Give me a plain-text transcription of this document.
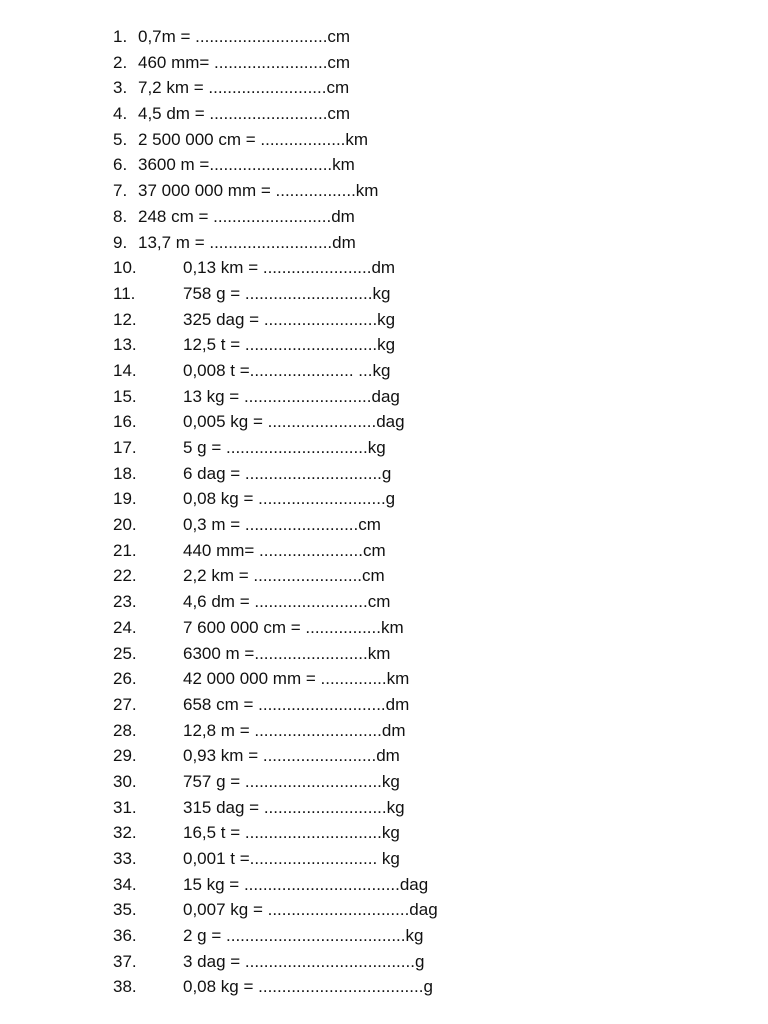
1. 0,7m = ............................cm
2. 460 mm= ........................cm
3. 7,2 km = .........................cm
4. 4,5 dm = .........................cm
5. 2 500 000 cm = ..................km
6. 3600 m =..........................km
7. 37 000 000 mm = .................km
8. 248 cm = .........................dm
9. 13,7 m = ..........................dm
10.	0,13 km = .......................dm
11.	758 g = ...........................kg
12.	325 dag = ........................kg
13.	12,5 t = ............................kg
14.	0,008 t =...................... ...kg
15.	13 kg = ...........................dag
16.	0,005 kg = .......................dag
17.	5 g = ..............................kg
18.	6 dag = .............................g
19.	0,08 kg = ...........................g
20.	0,3 m = ........................cm
21.	440 mm= ......................cm
22.	2,2 km = .......................cm
23.	4,6 dm = ........................cm
24.	7 600 000 cm = ................km
25.	6300 m =........................km
26.	42 000 000 mm = ..............km
27.	658 cm = ...........................dm
28.	12,8 m = ...........................dm
29.	0,93 km = ........................dm
30.	757 g = .............................kg
31.	315 dag = ..........................kg
32.	16,5 t = .............................kg
33.	0,001 t =........................... kg
34.	15 kg = .................................dag
35.	0,007 kg = ..............................dag
36.	2 g = ......................................kg
37.	3 dag = ....................................g
38.	0,08 kg = ...................................g
